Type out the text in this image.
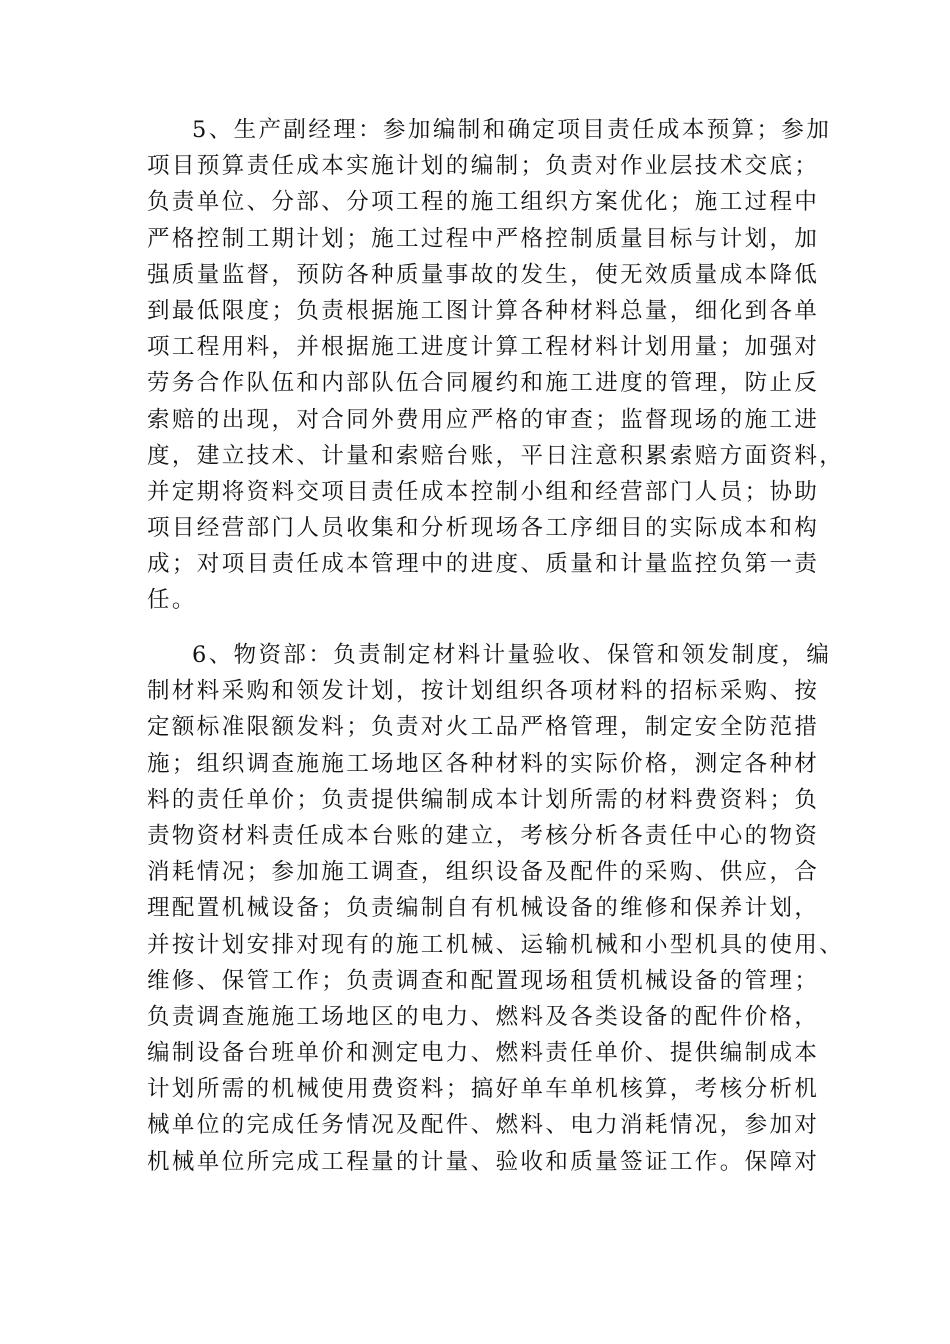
5、生产副经理：参加编制和确定项目责任成本预算；参加
项目预算责任成本实施计划的编制；负责对作业层技术交底；
负责单位、分部、分项工程的施工组织方案优化；施工过程中
严格控制工期计划；施工过程中严格控制质量目标与计划，加
强质量监督，预防各种质量事故的发生，使无效质量成本降低
到最低限度；负责根据施工图计算各种材料总量，细化到各单
项工程用料，并根据施工进度计算工程材料计划用量；加强对
劳务合作队伍和内部队伍合同履约和施工进度的管理，防止反
索赔的出现，对合同外费用应严格的审查；监督现场的施工进
度，建立技术、计量和索赔台账，平日注意积累索赔方面资料，
并定期将资料交项目责任成本控制小组和经营部门人员；协助
项目经营部门人员收集和分析现场各工序细目的实际成本和构
成；对项目责任成本管理中的进度、质量和计量监控负第一责
任。
6、物资部：负责制定材料计量验收、保管和领发制度，编
制材料采购和领发计划，按计划组织各项材料的招标采购、按
定额标准限额发料；负责对火工品严格管理，制定安全防范措
施；组织调查施施工场地区各种材料的实际价格，测定各种材
料的责任单价；负责提供编制成本计划所需的材料费资料；负
责物资材料责任成本台账的建立，考核分析各责任中心的物资
消耗情况；参加施工调查，组织设备及配件的采购、供应，合
理配置机械设备；负责编制自有机械设备的维修和保养计划，
并按计划安排对现有的施工机械、运输机械和小型机具的使用、
维修、保管工作；负责调查和配置现场租赁机械设备的管理；
负责调查施施工场地区的电力、燃料及各类设备的配件价格，
编制设备台班单价和测定电力、燃料责任单价、提供编制成本
计划所需的机械使用费资料；搞好单车单机核算，考核分析机
械单位的完成任务情况及配件、燃料、电力消耗情况，参加对
机械单位所完成工程量的计量、验收和质量签证工作。保障对
